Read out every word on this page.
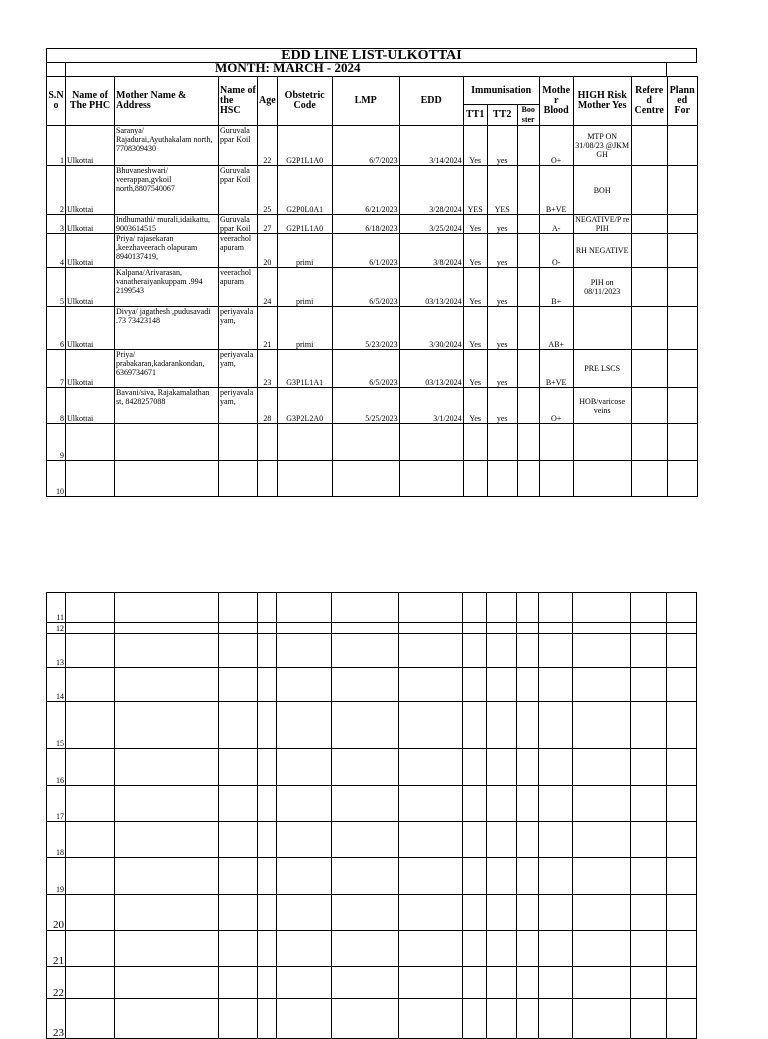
EDD LINE LIST-ULKOTTAI

MONTH: MARCH - 2024
S.N o	Name of The PHC	Mother Name & Address	Name of the HSC	Age	Obstetric Code	LMP	EDD	Immunisation			Mothe r Blood	HIGH Risk Mother Yes	Refere d Centre	Plann ed For

								TT1	TT2	Boo ster				
1	Ulkottai	Saranya/ Rajadurai,Ayuthakalam north, 7708309430	Guruvala ppar Koil	22	G2P1L1A0	6/7/2023	3/14/2024	Yes	yes		O+	MTP ON 31/08/23 @JKM GH		
2	Ulkottai	Bhuvaneshwari/ veerappan,gvkoil north,8807540067	Guruvala ppar Koil	25	G2P0L0A1	6/21/2023	3/28/2024	YES	YES		B+VE	BOH		
3	Ulkottai	Indhumathi/ murali,idaikattu, 9003614515	Guruvala ppar Koil	27	G2P1L1A0	6/18/2023	3/25/2024	Yes	yes		A-	NEGATIVE/P re PIH		
4	Ulkottai	Priya/ rajasekaran ,keezhaveerach olapuram 8940137419,	veerachol apuram	20	primi	6/1/2023	3/8/2024	Yes	yes		O-	RH NEGATIVE		
5	Ulkottai	Kalpana/Arivarasan, vanatheraiyankuppam .994 2199543	veerachol apuram	24	primi	6/5/2023	03/13/2024	Yes	yes		B+	PIH on 08/11/2023		
6	Ulkottai	Divya/ jagathesh ,pudusavadi .73 73423148	periyavala yam,	21	primi	5/23/2023	3/30/2024	Yes	yes		AB+			
7	Ulkottai	Priya/ prabakaran,kadarankondan, 6369734671	periyavala yam,	23	G3P1L1A1	6/5/2023	03/13/2024	Yes	yes		B+VE	PRE LSCS		
8	Ulkottai	Bavani/siva, Rajakamalathan st, 8428257088	periyavala yam,	28	G3P2L2A0	5/25/2023	3/1/2024	Yes	yes		O+	HOB/varicose veins		
9														
10														
11														
12														
13														
14														
15														
16														
17														
18														
19														
20														
21														
22														
23														
